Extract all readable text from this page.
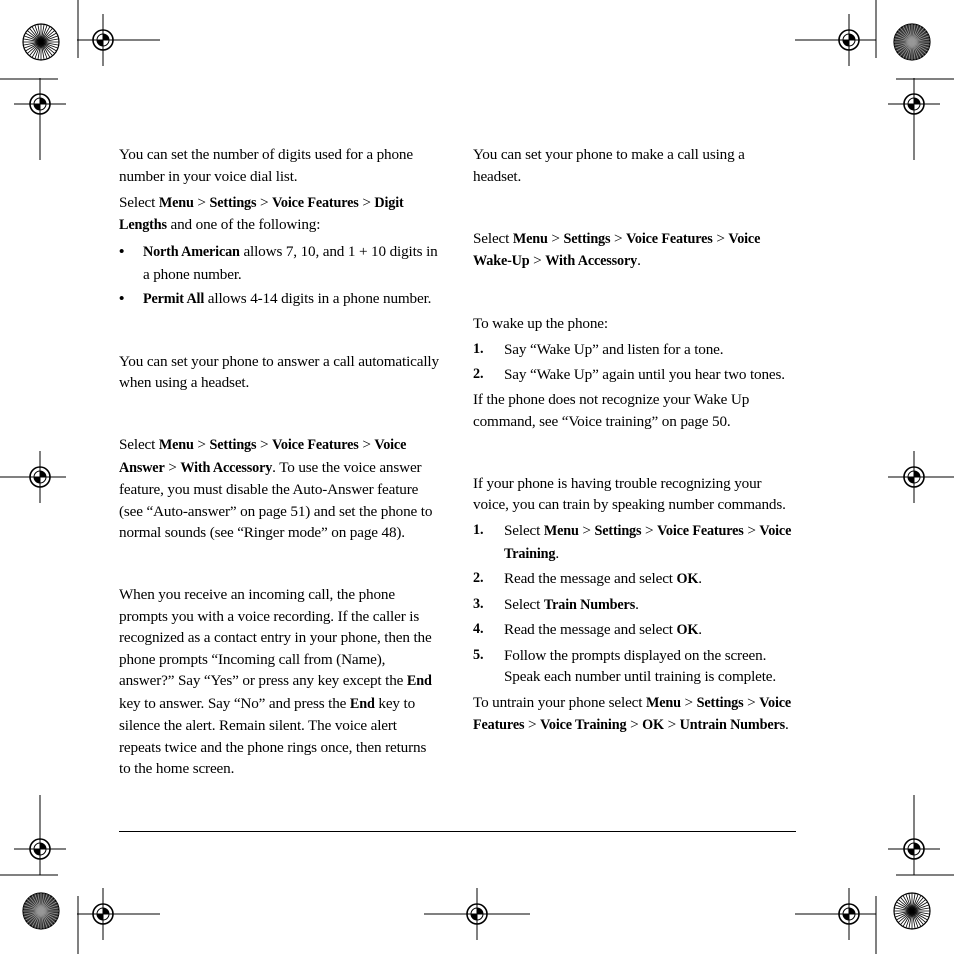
You can set the number of digits used for a phone number in your voice dial list.

Select Menu > Settings > Voice Features > Digit Lengths and one of the following:

• North American allows 7, 10, and 1 + 10 digits in a phone number.
• Permit All allows 4-14 digits in a phone number.

You can set your phone to answer a call automatically when using a headset.

Select Menu > Settings > Voice Features > Voice Answer > With Accessory. To use the voice answer feature, you must disable the Auto-Answer feature (see “Auto-answer” on page 51) and set the phone to normal sounds (see “Ringer mode” on page 48).

When you receive an incoming call, the phone prompts you with a voice recording. If the caller is recognized as a contact entry in your phone, then the phone prompts “Incoming call from (Name), answer?” Say “Yes” or press any key except the End key to answer. Say “No” and press the End key to silence the alert. Remain silent. The voice alert repeats twice and the phone rings once, then returns to the home screen.

You can set your phone to make a call using a headset.

Select Menu > Settings > Voice Features > Voice Wake-Up > With Accessory.

To wake up the phone:

1. Say “Wake Up” and listen for a tone.
2. Say “Wake Up” again until you hear two tones.

If the phone does not recognize your Wake Up command, see “Voice training” on page 50.

If your phone is having trouble recognizing your voice, you can train by speaking number commands.

1. Select Menu > Settings > Voice Features > Voice Training.
2. Read the message and select OK.
3. Select Train Numbers.
4. Read the message and select OK.
5. Follow the prompts displayed on the screen. Speak each number until training is complete.

To untrain your phone select Menu > Settings > Voice Features > Voice Training > OK > Untrain Numbers.
